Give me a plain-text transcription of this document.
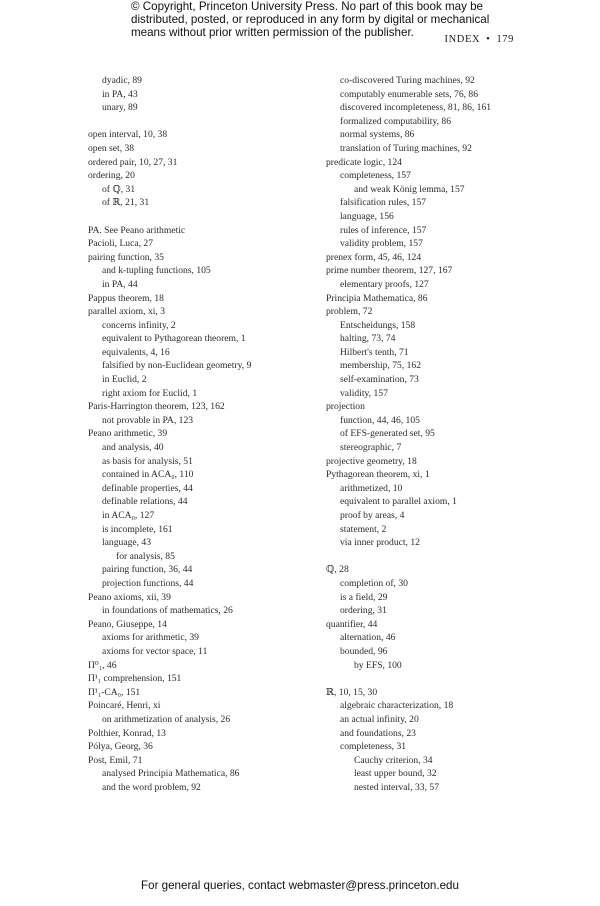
© Copyright, Princeton University Press. No part of this book may be
distributed, posted, or reproduced in any form by digital or mechanical
means without prior written permission of the publisher.
INDEX • 179
dyadic, 89
in PA, 43
unary, 89
open interval, 10, 38
open set, 38
ordered pair, 10, 27, 31
ordering, 20
of ℚ, 31
of ℝ, 21, 31
PA. See Peano arithmetic
Pacioli, Luca, 27
pairing function, 35
and k-tupling functions, 105
in PA, 44
Pappus theorem, 18
parallel axiom, xi, 3
concerns infinity, 2
equivalent to Pythagorean theorem, 1
equivalents, 4, 16
falsified by non-Euclidean geometry, 9
in Euclid, 2
right axiom for Euclid, 1
Paris-Harrington theorem, 123, 162
not provable in PA, 123
Peano arithmetic, 39
and analysis, 40
as basis for analysis, 51
contained in ACA₀, 110
definable properties, 44
definable relations, 44
in ACA₀, 127
is incomplete, 161
language, 43
for analysis, 85
pairing function, 36, 44
projection functions, 44
Peano axioms, xii, 39
in foundations of mathematics, 26
Peano, Giuseppe, 14
axioms for arithmetic, 39
axioms for vector space, 11
Π⁰₁, 46
Π¹₁ comprehension, 151
Π¹₁-CA₀, 151
Poincaré, Henri, xi
on arithmetization of analysis, 26
Polthier, Konrad, 13
Pólya, Georg, 36
Post, Emil, 71
analysed Principia Mathematica, 86
and the word problem, 92
co-discovered Turing machines, 92
computably enumerable sets, 76, 86
discovered incompleteness, 81, 86, 161
formalized computability, 86
normal systems, 86
translation of Turing machines, 92
predicate logic, 124
completeness, 157
and weak König lemma, 157
falsification rules, 157
language, 156
rules of inference, 157
validity problem, 157
prenex form, 45, 46, 124
prime number theorem, 127, 167
elementary proofs, 127
Principia Mathematica, 86
problem, 72
Entscheidungs, 158
halting, 73, 74
Hilbert's tenth, 71
membership, 75, 162
self-examination, 73
validity, 157
projection
function, 44, 46, 105
of EFS-generated set, 95
stereographic, 7
projective geometry, 18
Pythagorean theorem, xi, 1
arithmetized, 10
equivalent to parallel axiom, 1
proof by areas, 4
statement, 2
via inner product, 12
ℚ, 28
completion of, 30
is a field, 29
ordering, 31
quantifier, 44
alternation, 46
bounded, 96
by EFS, 100
ℝ, 10, 15, 30
algebraic characterization, 18
an actual infinity, 20
and foundations, 23
completeness, 31
Cauchy criterion, 34
least upper bound, 32
nested interval, 33, 57
For general queries, contact webmaster@press.princeton.edu
